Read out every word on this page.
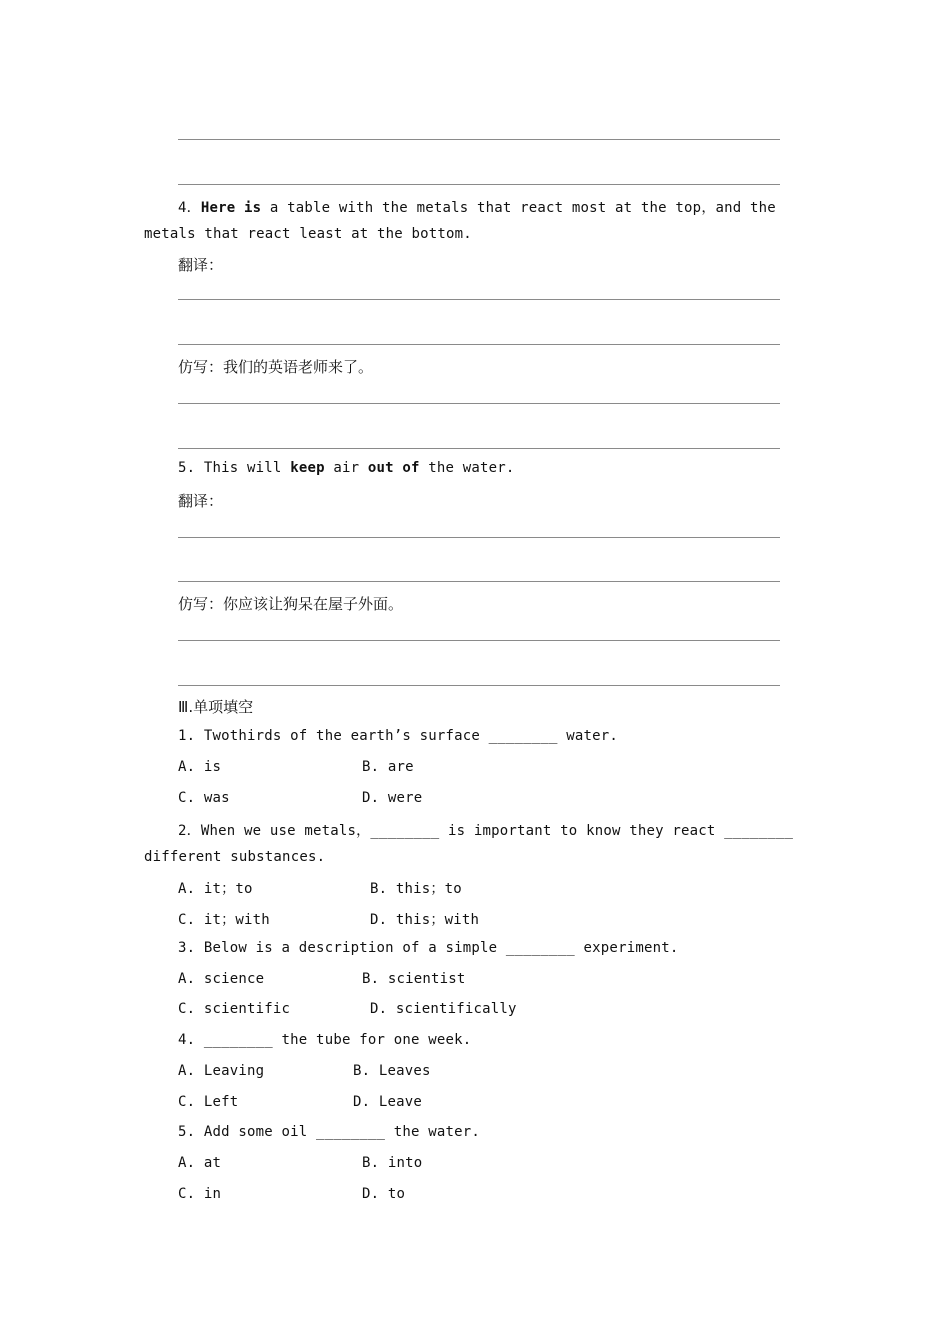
4．Here is a table with the metals that react most at the top，and the
metals that react least at the bottom.
翻译：
仿写：我们的英语老师来了。
5. This will keep air out of the water.
翻译：
仿写：你应该让狗呆在屋子外面。
Ⅲ.单项填空
1. Twothirds of the earth’s surface ________ water.
A. is	B. are
C. was	D. were
2．When we use metals，________ is important to know they react ________
different substances.
A. it；to	B. this；to
C. it；with	D. this；with
3. Below is a description of a simple ________ experiment.
A. science	B. scientist
C. scientific	D. scientifically
4. ________ the tube for one week.
A. Leaving	B. Leaves
C. Left	D. Leave
5. Add some oil ________ the water.
A. at	B. into
C. in	D. to
